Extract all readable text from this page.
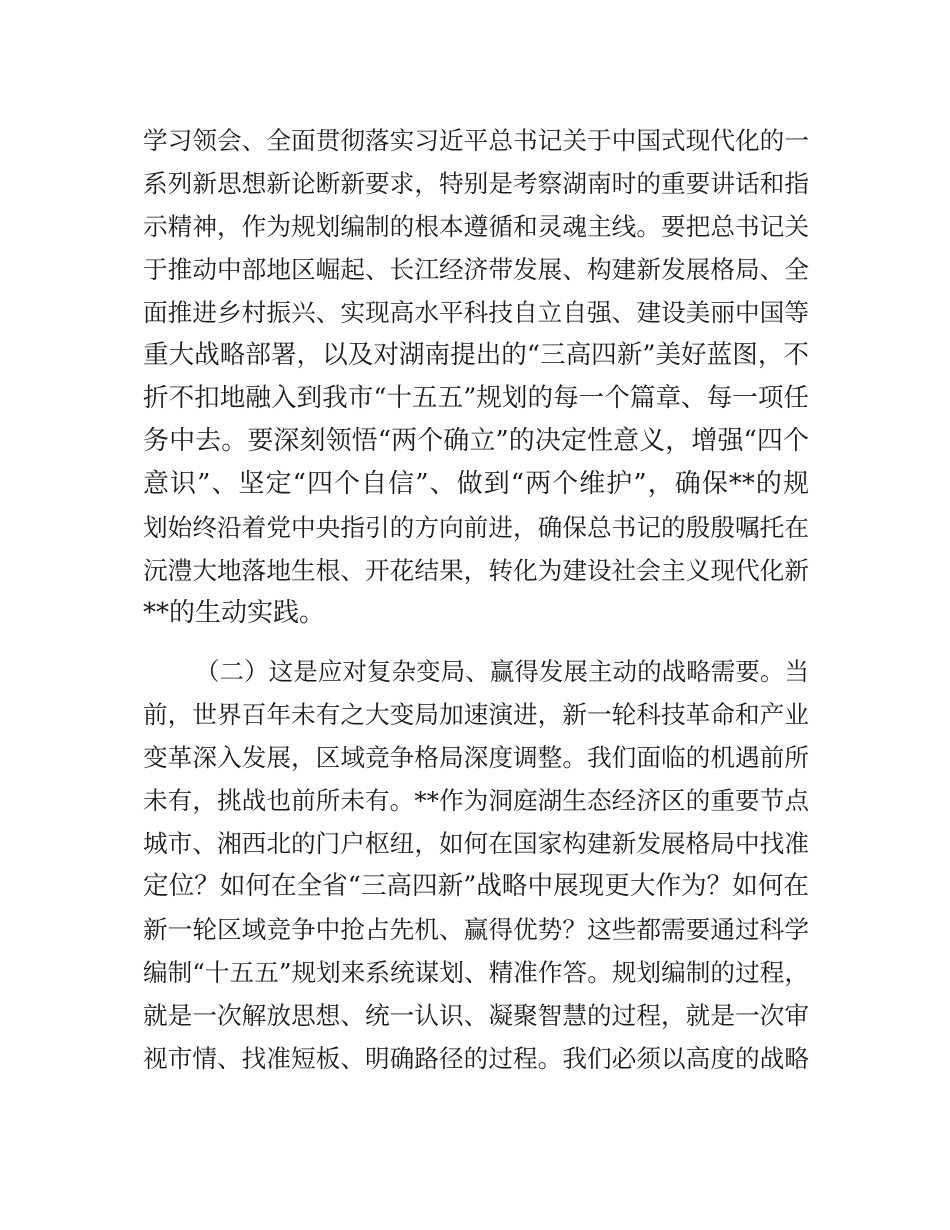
学习领会、全面贯彻落实习近平总书记关于中国式现代化的一
系列新思想新论断新要求，特别是考察湖南时的重要讲话和指
示精神，作为规划编制的根本遵循和灵魂主线。要把总书记关
于推动中部地区崛起、长江经济带发展、构建新发展格局、全
面推进乡村振兴、实现高水平科技自立自强、建设美丽中国等
重大战略部署，以及对湖南提出的“三高四新”美好蓝图，不
折不扣地融入到我市“十五五”规划的每一个篇章、每一项任
务中去。要深刻领悟“两个确立”的决定性意义，增强“四个
意识”、坚定“四个自信”、做到“两个维护”，确保**的规
划始终沿着党中央指引的方向前进，确保总书记的殷殷嘱托在
沅澧大地落地生根、开花结果，转化为建设社会主义现代化新
**的生动实践。
（二）这是应对复杂变局、赢得发展主动的战略需要。当
前，世界百年未有之大变局加速演进，新一轮科技革命和产业
变革深入发展，区域竞争格局深度调整。我们面临的机遇前所
未有，挑战也前所未有。**作为洞庭湖生态经济区的重要节点
城市、湘西北的门户枢纽，如何在国家构建新发展格局中找准
定位？如何在全省“三高四新”战略中展现更大作为？如何在
新一轮区域竞争中抢占先机、赢得优势？这些都需要通过科学
编制“十五五”规划来系统谋划、精准作答。规划编制的过程，
就是一次解放思想、统一认识、凝聚智慧的过程，就是一次审
视市情、找准短板、明确路径的过程。我们必须以高度的战略
